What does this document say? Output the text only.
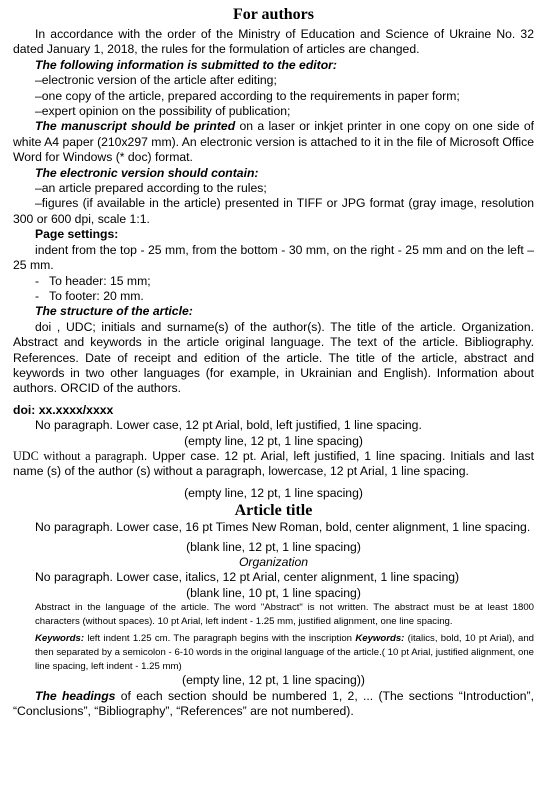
For authors

In accordance with the order of the Ministry of Education and Science of Ukraine No. 32 dated January 1, 2018, the rules for the formulation of articles are changed.

The following information is submitted to the editor:

–electronic version of the article after editing;

–one copy of the article, prepared according to the requirements in paper form;

–expert opinion on the possibility of publication;

The manuscript should be printed on a laser or inkjet printer in one copy on one side of white A4 paper (210x297 mm). An electronic version is attached to it in the file of Microsoft Office Word for Windows (* doc) format.

The electronic version should contain:

–an article prepared according to the rules;

–figures (if available in the article) presented in TIFF or JPG format (gray image, resolution 300 or 600 dpi, scale 1:1.

Page settings:

indent from the top - 25 mm, from the bottom - 30 mm, on the right - 25 mm and on the left – 25 mm.

-   To header: 15 mm;

-   To footer: 20 mm.

The structure of the article:

doi , UDC; initials and surname(s) of the author(s). The title of the article. Organization. Abstract and keywords in the article original language. The text of the article. Bibliography. References. Date of receipt and edition of the article. The title of the article, abstract and keywords in two other languages (for example, in Ukrainian and English). Information about authors. ORCID of the authors.

doi: xx.xxxx/xxxx

No paragraph. Lower case, 12 pt Arial, bold, left justified, 1 line spacing.

(empty line, 12 pt, 1 line spacing)

UDC without a paragraph. Upper case. 12 pt. Arial, left justified, 1 line spacing. Initials and last name (s) of the author (s) without a paragraph, lowercase, 12 pt Arial, 1 line spacing.

(empty line, 12 pt, 1 line spacing)

Article title

No paragraph. Lower case, 16 pt Times New Roman, bold, center alignment, 1 line spacing.

(blank line, 12 pt, 1 line spacing)

Organization

No paragraph. Lower case, italics, 12 pt Arial, center alignment, 1 line spacing)

(blank line, 10 pt, 1 line spacing)

Abstract in the language of the article. The word "Abstract" is not written. The abstract must be at least 1800 characters (without spaces). 10 pt Arial, left indent - 1.25 mm, justified alignment, one line spacing.

Keywords: left indent 1.25 cm. The paragraph begins with the inscription Keywords: (italics, bold, 10 pt Arial), and then separated by a semicolon - 6-10 words in the original language of the article.( 10 pt Arial, justified alignment, one line spacing, left indent - 1.25 mm)

(empty line, 12 pt, 1 line spacing))

The headings of each section should be numbered 1, 2, ... (The sections “Introduction”, “Conclusions”, “Bibliography”, “References” are not numbered).
